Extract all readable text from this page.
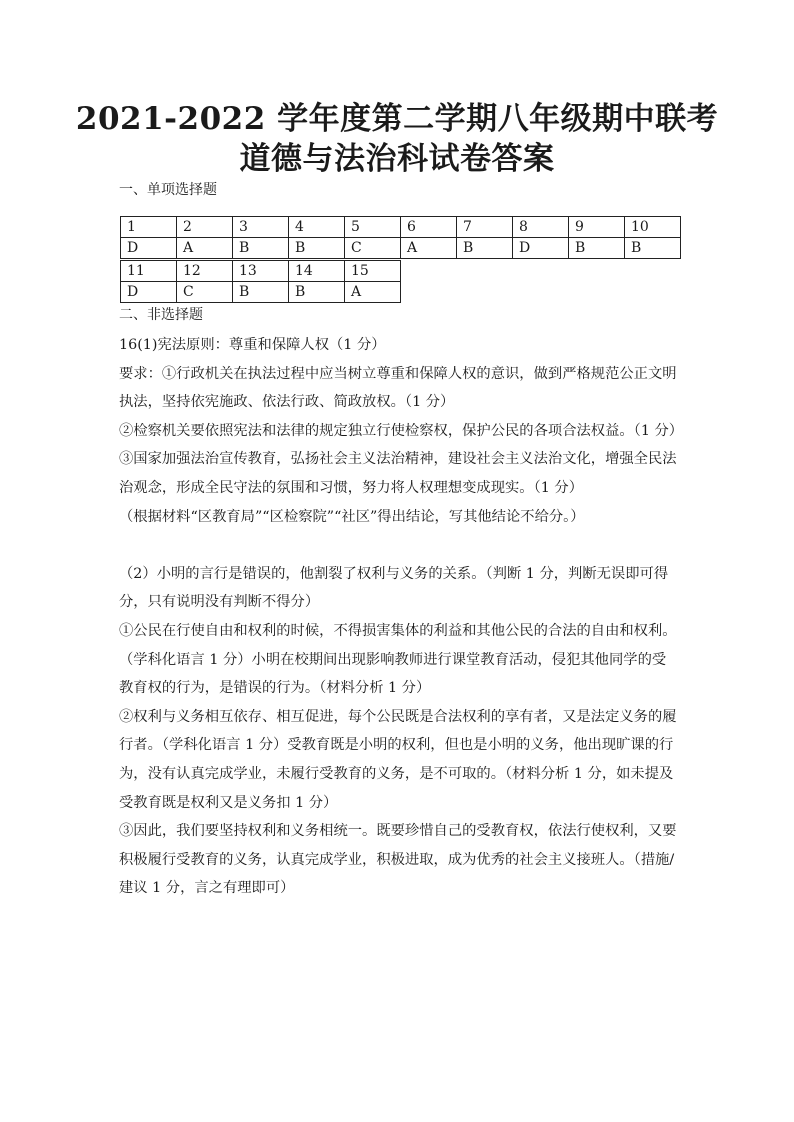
2021-2022 学年度第二学期八年级期中联考
道德与法治科试卷答案
一、单项选择题
1	2	3	4	5	6	7	8	9	10
D	A	B	B	C	A	B	D	B	B
11	12	13	14	15
D	C	B	B	A
二、非选择题

16(1)宪法原则：尊重和保障人权（1 分）

要求：①行政机关在执法过程中应当树立尊重和保障人权的意识，做到严格规范公正文明执法，坚持依宪施政、依法行政、简政放权。（1 分）

②检察机关要依照宪法和法律的规定独立行使检察权，保护公民的各项合法权益。（1 分）

③国家加强法治宣传教育，弘扬社会主义法治精神，建设社会主义法治文化，增强全民法治观念，形成全民守法的氛围和习惯，努力将人权理想变成现实。（1 分）

（根据材料“区教育局”“区检察院”“社区”得出结论，写其他结论不给分。）

（2）小明的言行是错误的，他割裂了权利与义务的关系。（判断 1 分，判断无误即可得分，只有说明没有判断不得分）

①公民在行使自由和权利的时候，不得损害集体的利益和其他公民的合法的自由和权利。（学科化语言 1 分）小明在校期间出现影响教师进行课堂教育活动，侵犯其他同学的受教育权的行为，是错误的行为。（材料分析 1 分）

②权利与义务相互依存、相互促进，每个公民既是合法权利的享有者，又是法定义务的履行者。（学科化语言 1 分）受教育既是小明的权利，但也是小明的义务，他出现旷课的行为，没有认真完成学业，未履行受教育的义务，是不可取的。（材料分析 1 分，如未提及受教育既是权利又是义务扣 1 分）

③因此，我们要坚持权利和义务相统一。既要珍惜自己的受教育权，依法行使权利，又要积极履行受教育的义务，认真完成学业，积极进取，成为优秀的社会主义接班人。（措施/建议 1 分，言之有理即可）
